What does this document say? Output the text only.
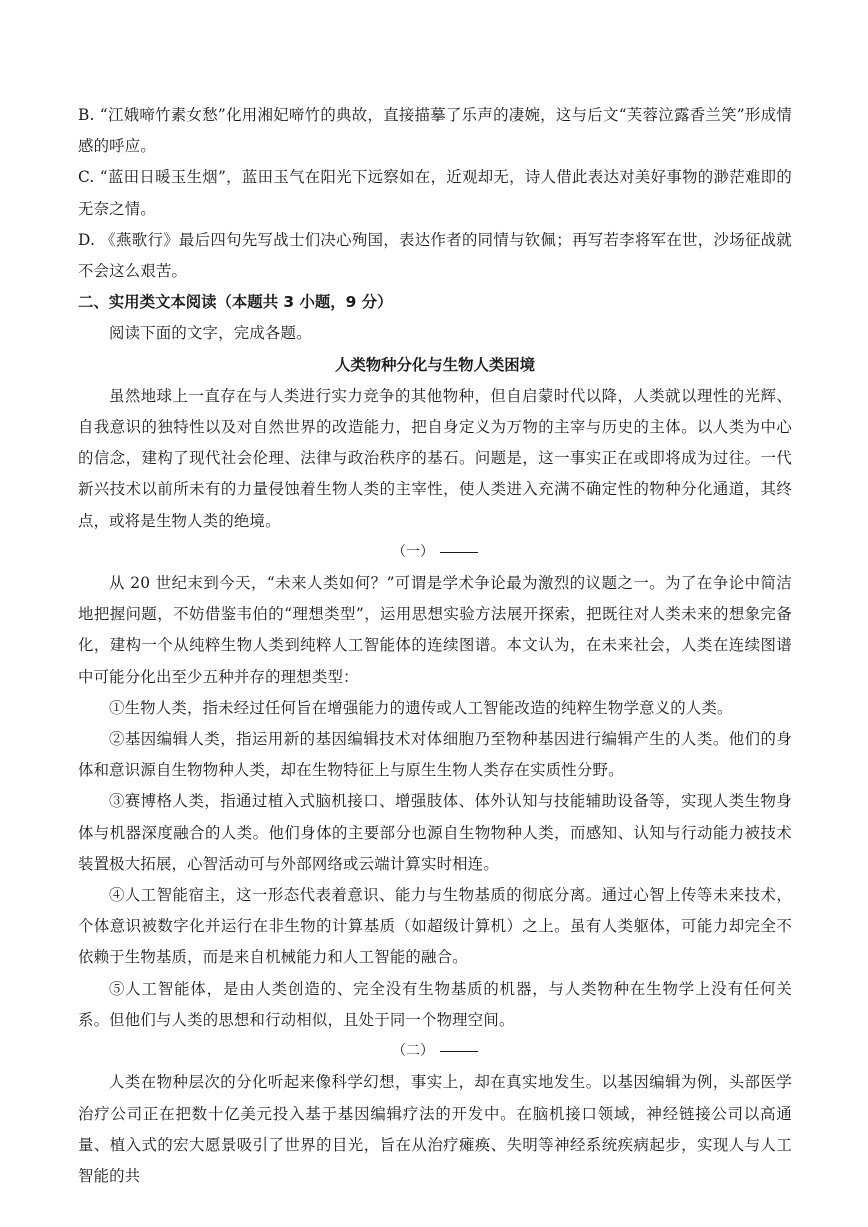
B. “江娥啼竹素女愁”化用湘妃啼竹的典故，直接描摹了乐声的凄婉，这与后文“芙蓉泣露香兰笑”形成情感的呼应。

C. “蓝田日暖玉生烟”，蓝田玉气在阳光下远察如在，近观却无，诗人借此表达对美好事物的渺茫难即的无奈之情。

D. 《燕歌行》最后四句先写战士们决心殉国，表达作者的同情与钦佩；再写若李将军在世，沙场征战就不会这么艰苦。

二、实用类文本阅读（本题共 3 小题，9 分）

阅读下面的文字，完成各题。

人类物种分化与生物人类困境

虽然地球上一直存在与人类进行实力竞争的其他物种，但自启蒙时代以降，人类就以理性的光辉、自我意识的独特性以及对自然世界的改造能力，把自身定义为万物的主宰与历史的主体。以人类为中心的信念，建构了现代社会伦理、法律与政治秩序的基石。问题是，这一事实正在或即将成为过往。一代新兴技术以前所未有的力量侵蚀着生物人类的主宰性，使人类进入充满不确定性的物种分化通道，其终点，或将是生物人类的绝境。

（一）

从 20 世纪末到今天，“未来人类如何？”可谓是学术争论最为激烈的议题之一。为了在争论中简洁地把握问题，不妨借鉴韦伯的“理想类型”，运用思想实验方法展开探索，把既往对人类未来的想象完备化，建构一个从纯粹生物人类到纯粹人工智能体的连续图谱。本文认为，在未来社会，人类在连续图谱中可能分化出至少五种并存的理想类型：

①生物人类，指未经过任何旨在增强能力的遗传或人工智能改造的纯粹生物学意义的人类。

②基因编辑人类，指运用新的基因编辑技术对体细胞乃至物种基因进行编辑产生的人类。他们的身体和意识源自生物物种人类，却在生物特征上与原生生物人类存在实质性分野。

③赛博格人类，指通过植入式脑机接口、增强肢体、体外认知与技能辅助设备等，实现人类生物身体与机器深度融合的人类。他们身体的主要部分也源自生物物种人类，而感知、认知与行动能力被技术装置极大拓展，心智活动可与外部网络或云端计算实时相连。

④人工智能宿主，这一形态代表着意识、能力与生物基质的彻底分离。通过心智上传等未来技术，个体意识被数字化并运行在非生物的计算基质（如超级计算机）之上。虽有人类躯体，可能力却完全不依赖于生物基质，而是来自机械能力和人工智能的融合。

⑤人工智能体，是由人类创造的、完全没有生物基质的机器，与人类物种在生物学上没有任何关系。但他们与人类的思想和行动相似，且处于同一个物理空间。

（二）

人类在物种层次的分化听起来像科学幻想，事实上，却在真实地发生。以基因编辑为例，头部医学治疗公司正在把数十亿美元投入基于基因编辑疗法的开发中。在脑机接口领域，神经链接公司以高通量、植入式的宏大愿景吸引了世界的目光，旨在从治疗瘫痪、失明等神经系统疾病起步，实现人与人工智能的共
